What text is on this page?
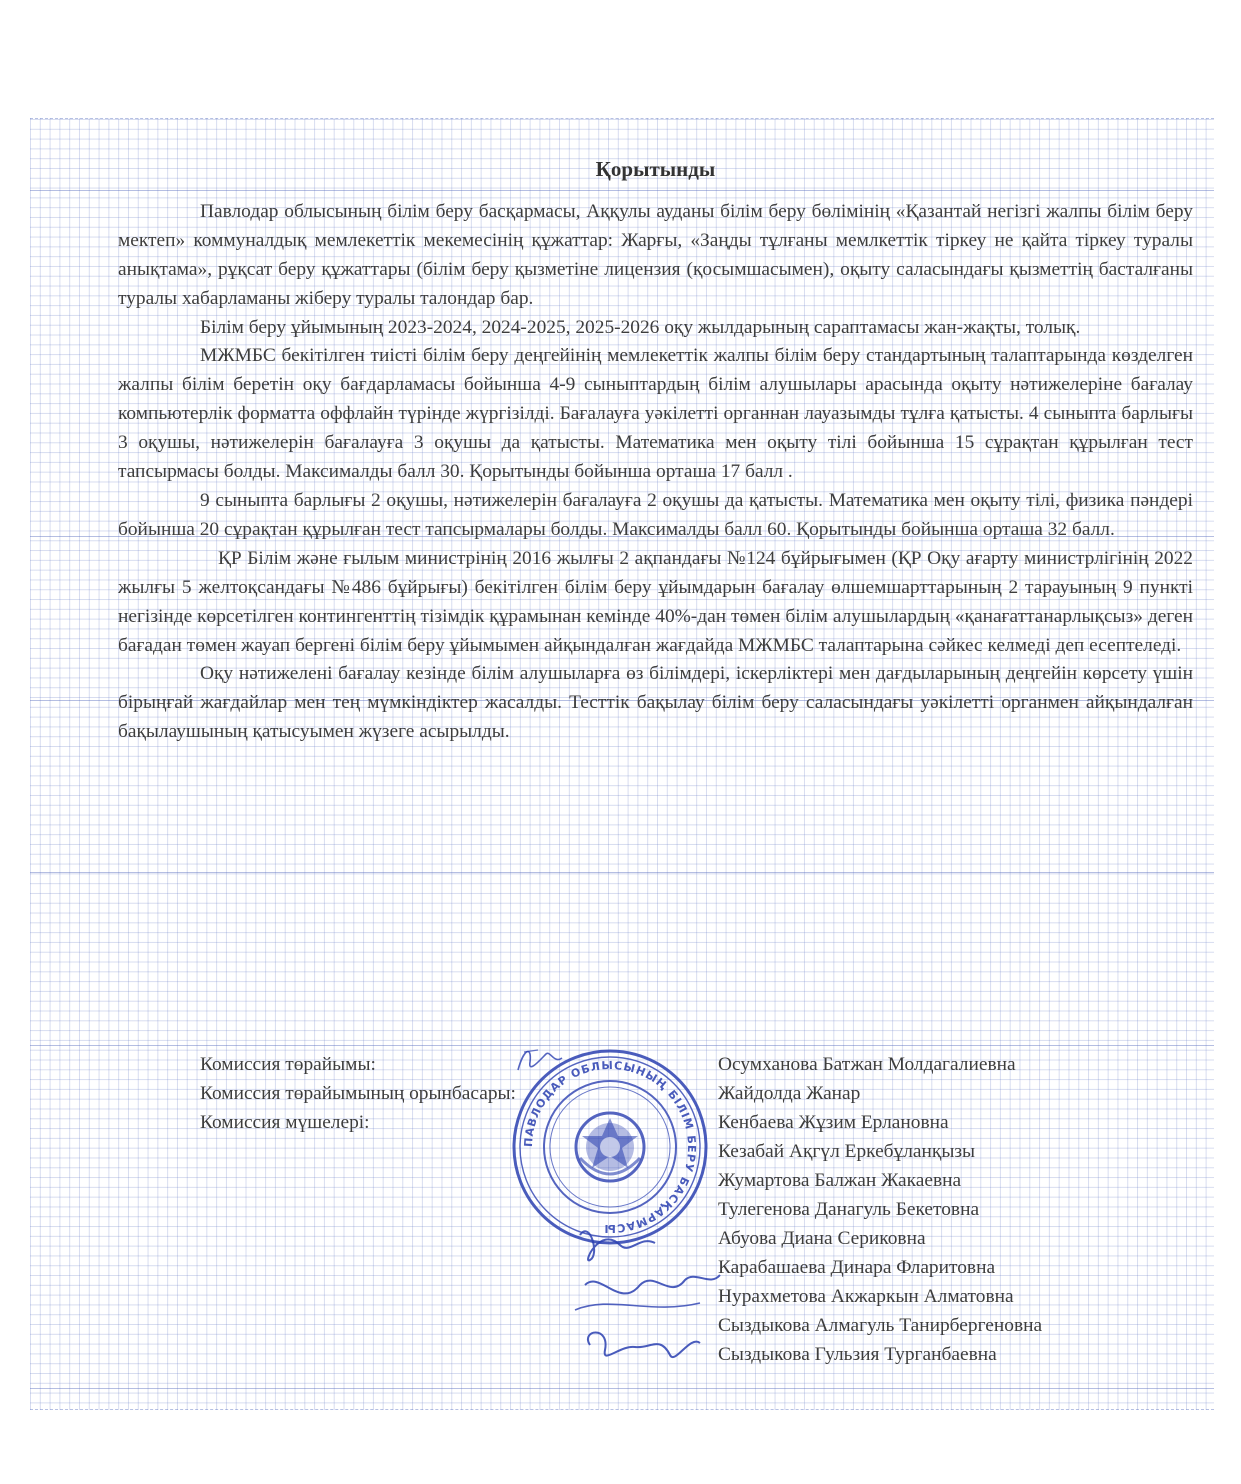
Қорытынды

Павлодар облысының білім беру басқармасы, Аққулы ауданы білім беру бөлімінің «Қазантай негізгі жалпы білім беру мектеп» коммуналдық мемлекеттік мекемесінің құжаттар: Жарғы, «Заңды тұлғаны мемлкеттік тіркеу не қайта тіркеу туралы анықтама», рұқсат беру құжаттары (білім беру қызметіне лицензия (қосымшасымен), оқыту саласындағы қызметтің басталғаны туралы хабарламаны жіберу туралы талондар бар.

Білім беру ұйымының 2023-2024, 2024-2025, 2025-2026 оқу жылдарының сараптамасы жан-жақты, толық.

МЖМБС бекітілген тиісті білім беру деңгейінің мемлекеттік жалпы білім беру стандартының талаптарында көзделген жалпы білім беретін оқу бағдарламасы бойынша 4-9 сыныптардың білім алушылары арасында оқыту нәтижелеріне бағалау компьютерлік форматта оффлайн түрінде жүргізілді. Бағалауға уәкілетті органнан лауазымды тұлға қатысты. 4 сыныпта барлығы 3 оқушы, нәтижелерін бағалауға 3 оқушы да қатысты. Математика мен оқыту тілі бойынша 15 сұрақтан құрылған тест тапсырмасы болды. Максималды балл 30. Қорытынды бойынша орташа 17 балл .

9 сыныпта барлығы 2 оқушы, нәтижелерін бағалауға 2 оқушы да қатысты. Математика мен оқыту тілі, физика пәндері бойынша 20 сұрақтан құрылған тест тапсырмалары болды. Максималды балл 60. Қорытынды бойынша орташа 32 балл.

ҚР Білім және ғылым министрінің 2016 жылғы 2 ақпандағы №124 бұйрығымен (ҚР Оқу ағарту министрлігінің 2022 жылғы 5 желтоқсандағы №486 бұйрығы) бекітілген білім беру ұйымдарын бағалау өлшемшарттарының 2 тарауының 9 пункті негізінде көрсетілген контингенттің тізімдік құрамынан кемінде 40%-дан төмен білім алушылардың «қанағаттанарлықсыз» деген бағадан төмен жауап бергені білім беру ұйымымен айқындалған жағдайда МЖМБС талаптарына сәйкес келмеді деп есептеледі.

Оқу нәтижелені бағалау кезінде білім алушыларға өз білімдері, іскерліктері мен дағдыларының деңгейін көрсету үшін бірыңғай жағдайлар мен тең мүмкіндіктер жасалды. Тесттік бақылау білім беру саласындағы уәкілетті органмен айқындалған бақылаушының қатысуымен жүзеге асырылды.

Комиссия төрайымы:
Комиссия төрайымының орынбасары:
Комиссия мүшелері:
Осумханова Батжан Молдагалиевна
Жайдолда Жанар
Кенбаева Жұзим Ерлановна
Кезабай Ақгүл Еркебұланқызы
Жумартова Балжан Жакаевна
Тулегенова Данагуль Бекетовна
Абуова Диана Сериковна
Карабашаева Динара Фларитовна
Нурахметова Акжаркын Алматовна
Сыздыкова Алмагуль Танирбергеновна
Сыздыкова Гульзия Турганбаевна
ПАВЛОДАР ОБЛЫСЫНЫҢ БІЛІМ БЕРУ БАСҚАРМАСЫ
